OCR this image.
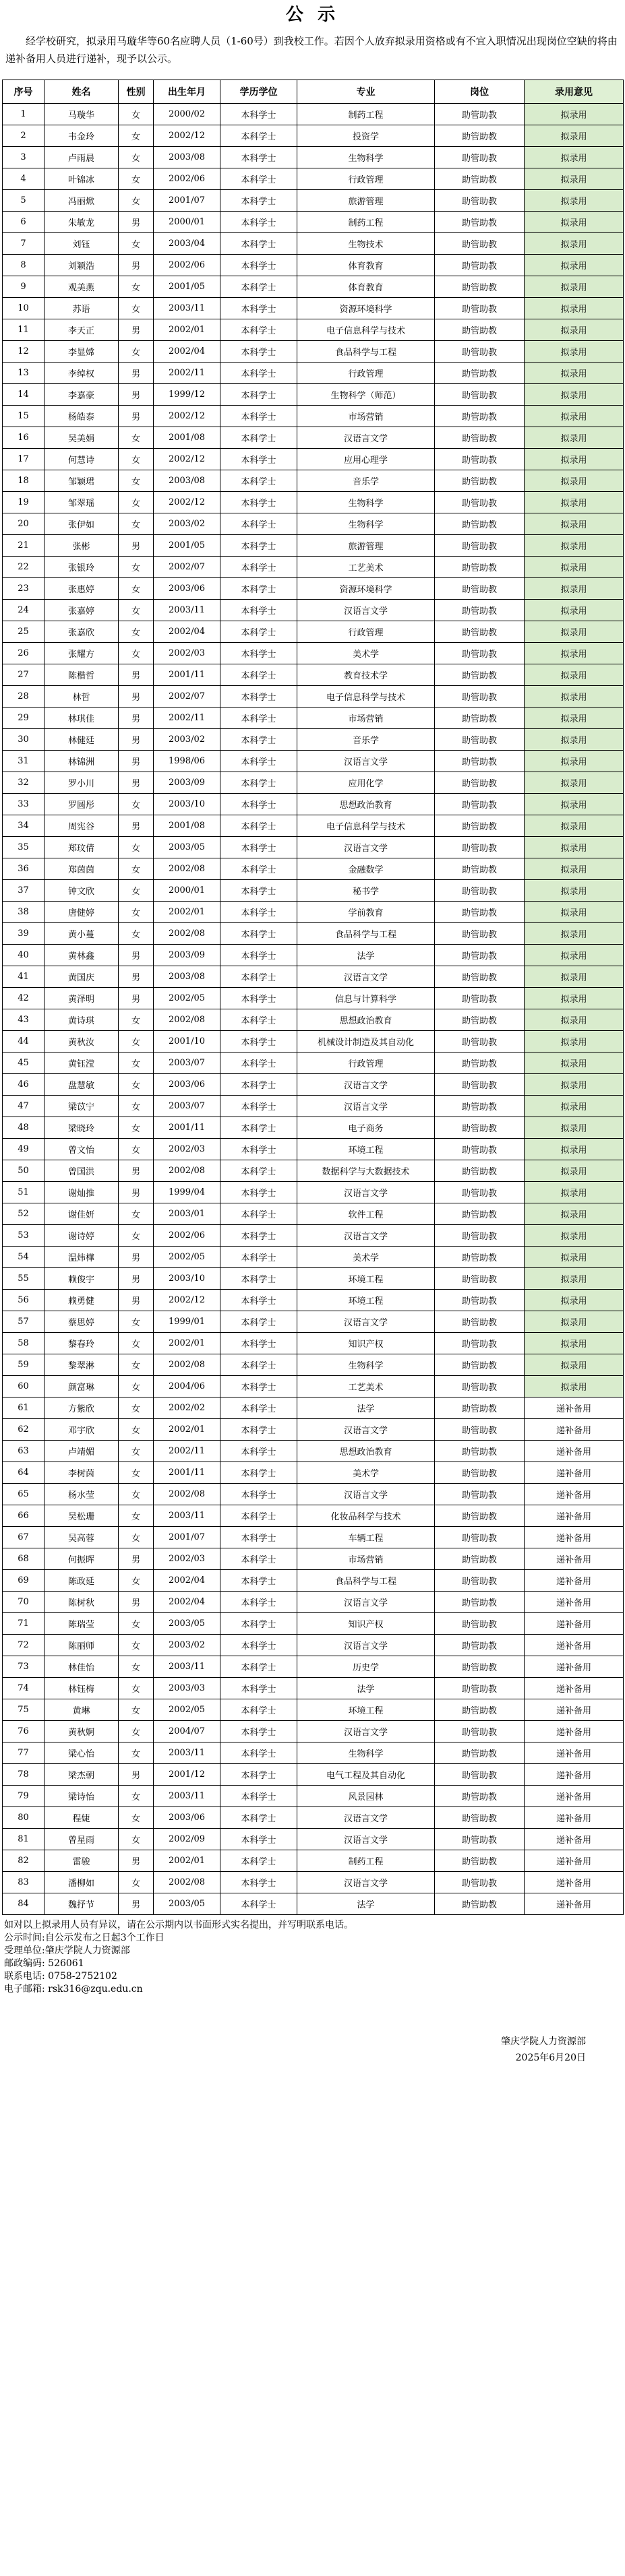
公 示
经学校研究，拟录用马璇华等60名应聘人员（1-60号）到我校工作。若因个人放弃拟录用资格或有不宜入职情况出现岗位空缺的将由递补备用人员进行递补，现予以公示。
序号	姓名	性别	出生年月	学历学位	专业	岗位	录用意见
1	马璇华	女	2000/02	本科学士	制药工程	助管助教	拟录用
2	韦金玲	女	2002/12	本科学士	投资学	助管助教	拟录用
3	卢雨晨	女	2003/08	本科学士	生物科学	助管助教	拟录用
4	叶锦冰	女	2002/06	本科学士	行政管理	助管助教	拟录用
5	冯丽焮	女	2001/07	本科学士	旅游管理	助管助教	拟录用
6	朱敏龙	男	2000/01	本科学士	制药工程	助管助教	拟录用
7	刘钰	女	2003/04	本科学士	生物技术	助管助教	拟录用
8	刘颖浩	男	2002/06	本科学士	体育教育	助管助教	拟录用
9	观美燕	女	2001/05	本科学士	体育教育	助管助教	拟录用
10	苏语	女	2003/11	本科学士	资源环境科学	助管助教	拟录用
11	李天正	男	2002/01	本科学士	电子信息科学与技术	助管助教	拟录用
12	李显嫦	女	2002/04	本科学士	食品科学与工程	助管助教	拟录用
13	李绰权	男	2002/11	本科学士	行政管理	助管助教	拟录用
14	李嘉豪	男	1999/12	本科学士	生物科学（师范）	助管助教	拟录用
15	杨皓泰	男	2002/12	本科学士	市场营销	助管助教	拟录用
16	吴美娟	女	2001/08	本科学士	汉语言文学	助管助教	拟录用
17	何慧诗	女	2002/12	本科学士	应用心理学	助管助教	拟录用
18	邹颖珺	女	2003/08	本科学士	音乐学	助管助教	拟录用
19	邹翠瑶	女	2002/12	本科学士	生物科学	助管助教	拟录用
20	张伊如	女	2003/02	本科学士	生物科学	助管助教	拟录用
21	张彬	男	2001/05	本科学士	旅游管理	助管助教	拟录用
22	张银玲	女	2002/07	本科学士	工艺美术	助管助教	拟录用
23	张惠婷	女	2003/06	本科学士	资源环境科学	助管助教	拟录用
24	张嘉婷	女	2003/11	本科学士	汉语言文学	助管助教	拟录用
25	张嘉欣	女	2002/04	本科学士	行政管理	助管助教	拟录用
26	张耀方	女	2002/03	本科学士	美术学	助管助教	拟录用
27	陈楷哲	男	2001/11	本科学士	教育技术学	助管助教	拟录用
28	林哲	男	2002/07	本科学士	电子信息科学与技术	助管助教	拟录用
29	林琪佳	男	2002/11	本科学士	市场营销	助管助教	拟录用
30	林健廷	男	2003/02	本科学士	音乐学	助管助教	拟录用
31	林锦洲	男	1998/06	本科学士	汉语言文学	助管助教	拟录用
32	罗小川	男	2003/09	本科学士	应用化学	助管助教	拟录用
33	罗圆彤	女	2003/10	本科学士	思想政治教育	助管助教	拟录用
34	周宪谷	男	2001/08	本科学士	电子信息科学与技术	助管助教	拟录用
35	郑玟倩	女	2003/05	本科学士	汉语言文学	助管助教	拟录用
36	郑茵茵	女	2002/08	本科学士	金融数学	助管助教	拟录用
37	钟文欣	女	2000/01	本科学士	秘书学	助管助教	拟录用
38	唐健婷	女	2002/01	本科学士	学前教育	助管助教	拟录用
39	黄小蔓	女	2002/08	本科学士	食品科学与工程	助管助教	拟录用
40	黄林鑫	男	2003/09	本科学士	法学	助管助教	拟录用
41	黄国庆	男	2003/08	本科学士	汉语言文学	助管助教	拟录用
42	黄泽明	男	2002/05	本科学士	信息与计算科学	助管助教	拟录用
43	黄诗琪	女	2002/08	本科学士	思想政治教育	助管助教	拟录用
44	黄秋汝	女	2001/10	本科学士	机械设计制造及其自动化	助管助教	拟录用
45	黄钰滢	女	2003/07	本科学士	行政管理	助管助教	拟录用
46	盘慧敏	女	2003/06	本科学士	汉语言文学	助管助教	拟录用
47	梁苡宁	女	2003/07	本科学士	汉语言文学	助管助教	拟录用
48	梁晓玲	女	2001/11	本科学士	电子商务	助管助教	拟录用
49	曾文怡	女	2002/03	本科学士	环境工程	助管助教	拟录用
50	曾国洪	男	2002/08	本科学士	数据科学与大数据技术	助管助教	拟录用
51	谢灿推	男	1999/04	本科学士	汉语言文学	助管助教	拟录用
52	谢佳妍	女	2003/01	本科学士	软件工程	助管助教	拟录用
53	谢诗婷	女	2002/06	本科学士	汉语言文学	助管助教	拟录用
54	温炜樺	男	2002/05	本科学士	美术学	助管助教	拟录用
55	赖俊宇	男	2003/10	本科学士	环境工程	助管助教	拟录用
56	赖勇健	男	2002/12	本科学士	环境工程	助管助教	拟录用
57	蔡思婷	女	1999/01	本科学士	汉语言文学	助管助教	拟录用
58	黎春玲	女	2002/01	本科学士	知识产权	助管助教	拟录用
59	黎翠淋	女	2002/08	本科学士	生物科学	助管助教	拟录用
60	颜富琳	女	2004/06	本科学士	工艺美术	助管助教	拟录用
61	方紫欣	女	2002/02	本科学士	法学	助管助教	递补备用
62	邓宇欣	女	2002/01	本科学士	汉语言文学	助管助教	递补备用
63	卢靖媚	女	2002/11	本科学士	思想政治教育	助管助教	递补备用
64	李树茵	女	2001/11	本科学士	美术学	助管助教	递补备用
65	杨水莹	女	2002/08	本科学士	汉语言文学	助管助教	递补备用
66	吴松珊	女	2003/11	本科学士	化妆品科学与技术	助管助教	递补备用
67	吴高蓉	女	2001/07	本科学士	车辆工程	助管助教	递补备用
68	何振晖	男	2002/03	本科学士	市场营销	助管助教	递补备用
69	陈政延	女	2002/04	本科学士	食品科学与工程	助管助教	递补备用
70	陈树秋	男	2002/04	本科学士	汉语言文学	助管助教	递补备用
71	陈瑞莹	女	2003/05	本科学士	知识产权	助管助教	递补备用
72	陈丽师	女	2003/02	本科学士	汉语言文学	助管助教	递补备用
73	林佳怡	女	2003/11	本科学士	历史学	助管助教	递补备用
74	林钰梅	女	2003/03	本科学士	法学	助管助教	递补备用
75	黄琳	女	2002/05	本科学士	环境工程	助管助教	递补备用
76	黄秋婀	女	2004/07	本科学士	汉语言文学	助管助教	递补备用
77	梁心怡	女	2003/11	本科学士	生物科学	助管助教	递补备用
78	梁杰朝	男	2001/12	本科学士	电气工程及其自动化	助管助教	递补备用
79	梁诗怡	女	2003/11	本科学士	风景园林	助管助教	递补备用
80	程婕	女	2003/06	本科学士	汉语言文学	助管助教	递补备用
81	曾星雨	女	2002/09	本科学士	汉语言文学	助管助教	递补备用
82	雷骏	男	2002/01	本科学士	制药工程	助管助教	递补备用
83	潘柳如	女	2002/08	本科学士	汉语言文学	助管助教	递补备用
84	魏抒节	男	2003/05	本科学士	法学	助管助教	递补备用
如对以上拟录用人员有异议，请在公示期内以书面形式实名提出，并写明联系电话。
公示时间:自公示发布之日起3个工作日
受理单位:肇庆学院人力资源部
邮政编码: 526061
联系电话: 0758-2752102
电子邮箱: rsk316@zqu.edu.cn
肇庆学院人力资源部
2025年6月20日
